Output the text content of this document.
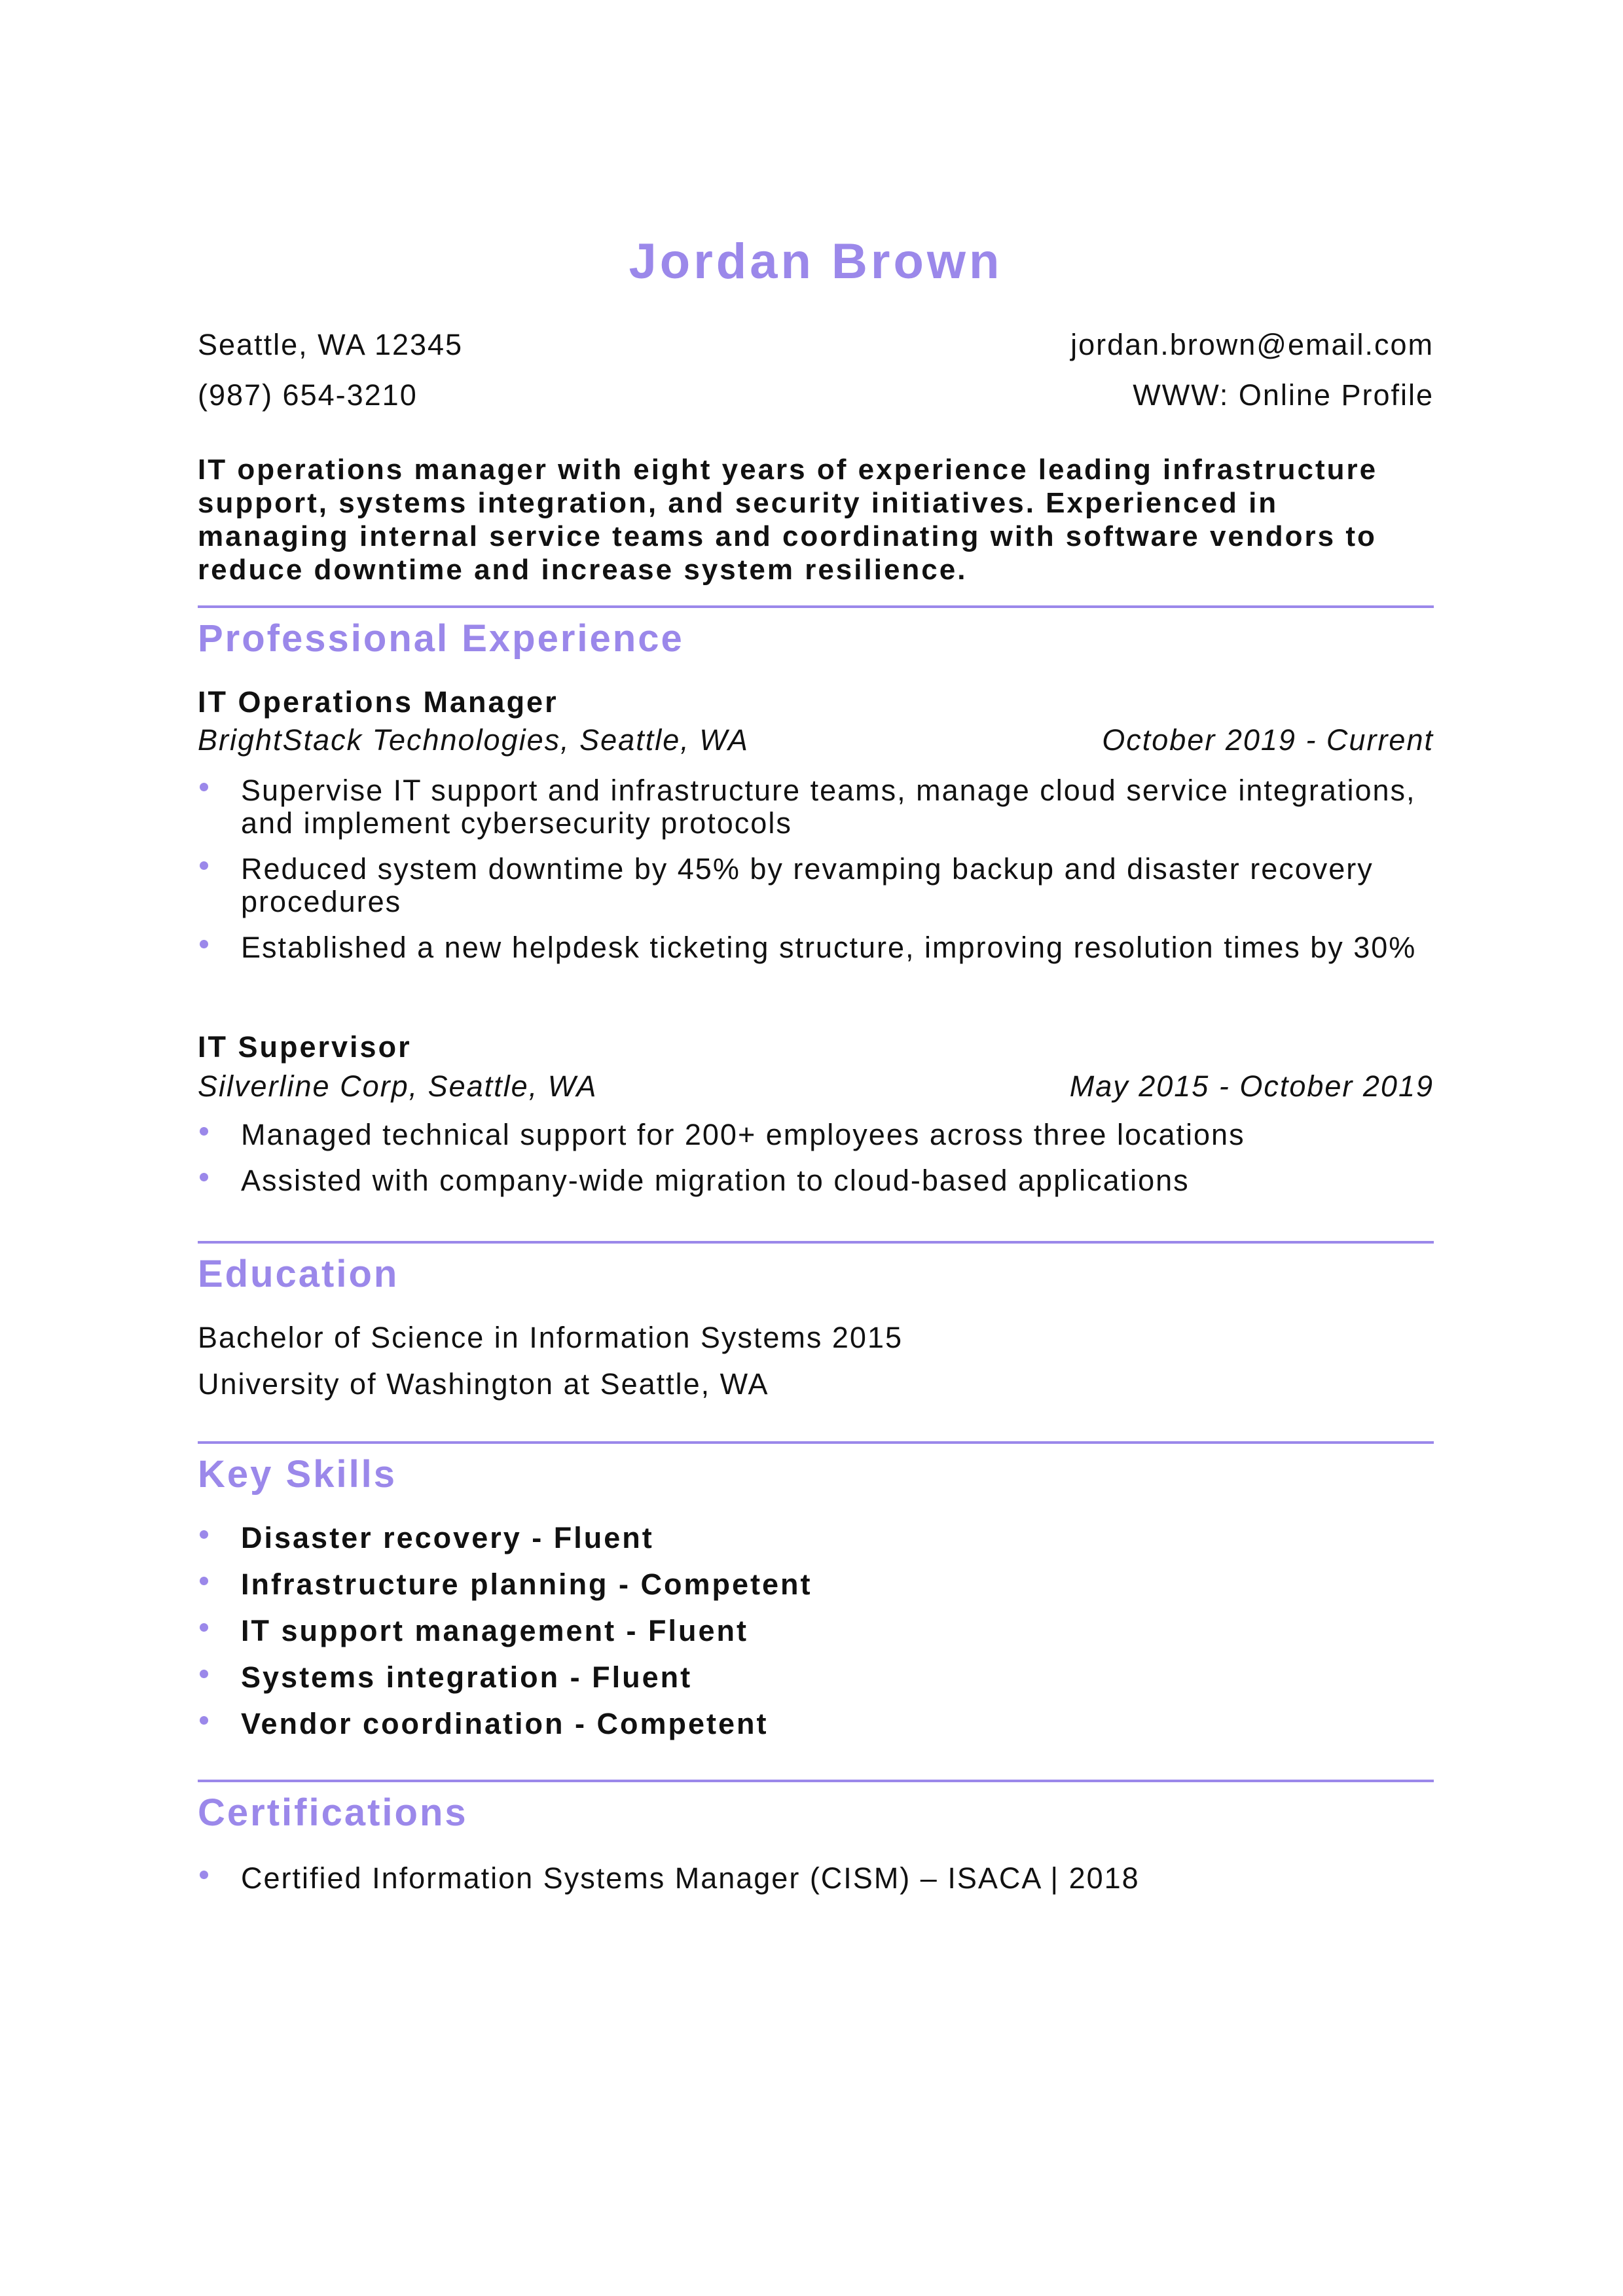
Jordan Brown
Seattle, WA 12345	jordan.brown@email.com
(987) 654-3210	WWW: Online Profile
IT operations manager with eight years of experience leading infrastructure support, systems integration, and security initiatives. Experienced in managing internal service teams and coordinating with software vendors to reduce downtime and increase system resilience.
Professional Experience
IT Operations Manager
BrightStack Technologies, Seattle, WA	October 2019 - Current
Supervise IT support and infrastructure teams, manage cloud service integrations, and implement cybersecurity protocols
Reduced system downtime by 45% by revamping backup and disaster recovery procedures
Established a new helpdesk ticketing structure, improving resolution times by 30%
IT Supervisor
Silverline Corp, Seattle, WA	May 2015 - October 2019
Managed technical support for 200+ employees across three locations
Assisted with company-wide migration to cloud-based applications
Education
Bachelor of Science in Information Systems 2015
University of Washington at Seattle, WA
Key Skills
Disaster recovery - Fluent
Infrastructure planning - Competent
IT support management - Fluent
Systems integration - Fluent
Vendor coordination - Competent
Certifications
Certified Information Systems Manager (CISM) – ISACA | 2018
